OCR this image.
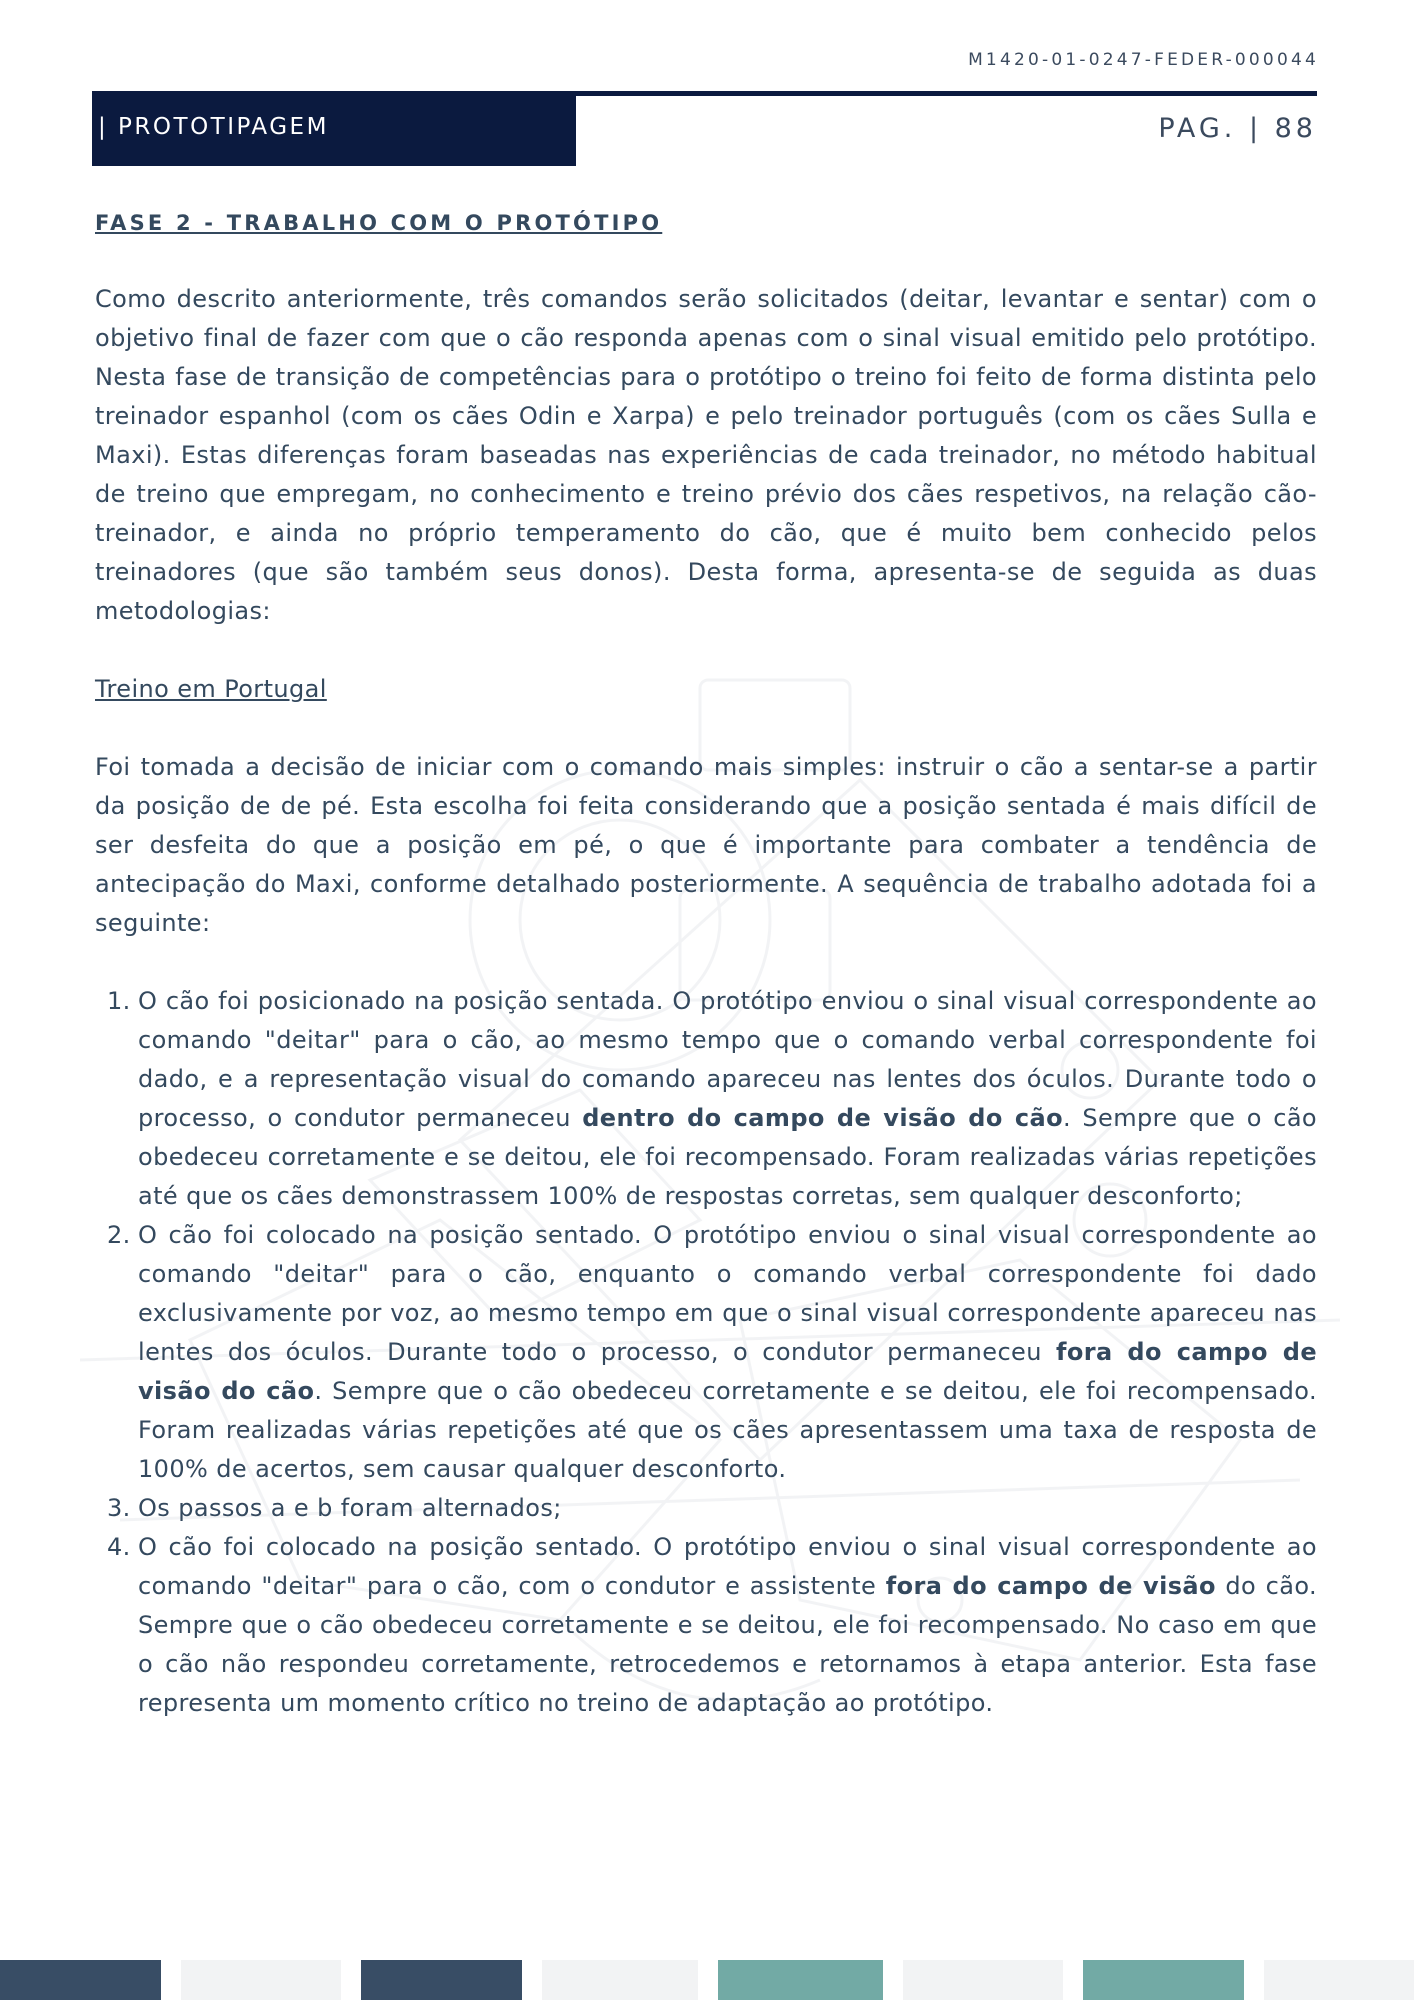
M1420-01-0247-FEDER-000044
| PROTOTIPAGEM	PAG. | 88
FASE 2 - TRABALHO COM O PROTÓTIPO

Como descrito anteriormente, três comandos serão solicitados (deitar, levantar e sentar) com o objetivo final de fazer com que o cão responda apenas com o sinal visual emitido pelo protótipo. Nesta fase de transição de competências para o protótipo o treino foi feito de forma distinta pelo treinador espanhol (com os cães Odin e Xarpa) e pelo treinador português (com os cães Sulla e Maxi). Estas diferenças foram baseadas nas experiências de cada treinador, no método habitual de treino que empregam, no conhecimento e treino prévio dos cães respetivos, na relação cão-treinador, e ainda no próprio temperamento do cão, que é muito bem conhecido pelos treinadores (que são também seus donos). Desta forma, apresenta-se de seguida as duas metodologias:

Treino em Portugal

Foi tomada a decisão de iniciar com o comando mais simples: instruir o cão a sentar-se a partir da posição de de pé. Esta escolha foi feita considerando que a posição sentada é mais difícil de ser desfeita do que a posição em pé, o que é importante para combater a tendência de antecipação do Maxi, conforme detalhado posteriormente. A sequência de trabalho adotada foi a seguinte:

1. O cão foi posicionado na posição sentada. O protótipo enviou o sinal visual correspondente ao comando "deitar" para o cão, ao mesmo tempo que o comando verbal correspondente foi dado, e a representação visual do comando apareceu nas lentes dos óculos. Durante todo o processo, o condutor permaneceu dentro do campo de visão do cão. Sempre que o cão obedeceu corretamente e se deitou, ele foi recompensado. Foram realizadas várias repetições até que os cães demonstrassem 100% de respostas corretas, sem qualquer desconforto;
2. O cão foi colocado na posição sentado. O protótipo enviou o sinal visual correspondente ao comando "deitar" para o cão, enquanto o comando verbal correspondente foi dado exclusivamente por voz, ao mesmo tempo em que o sinal visual correspondente apareceu nas lentes dos óculos. Durante todo o processo, o condutor permaneceu fora do campo de visão do cão. Sempre que o cão obedeceu corretamente e se deitou, ele foi recompensado. Foram realizadas várias repetições até que os cães apresentassem uma taxa de resposta de 100% de acertos, sem causar qualquer desconforto.
3. Os passos a e b foram alternados;
4. O cão foi colocado na posição sentado. O protótipo enviou o sinal visual correspondente ao comando "deitar" para o cão, com o condutor e assistente fora do campo de visão do cão. Sempre que o cão obedeceu corretamente e se deitou, ele foi recompensado. No caso em que o cão não respondeu corretamente, retrocedemos e retornamos à etapa anterior. Esta fase representa um momento crítico no treino de adaptação ao protótipo.
